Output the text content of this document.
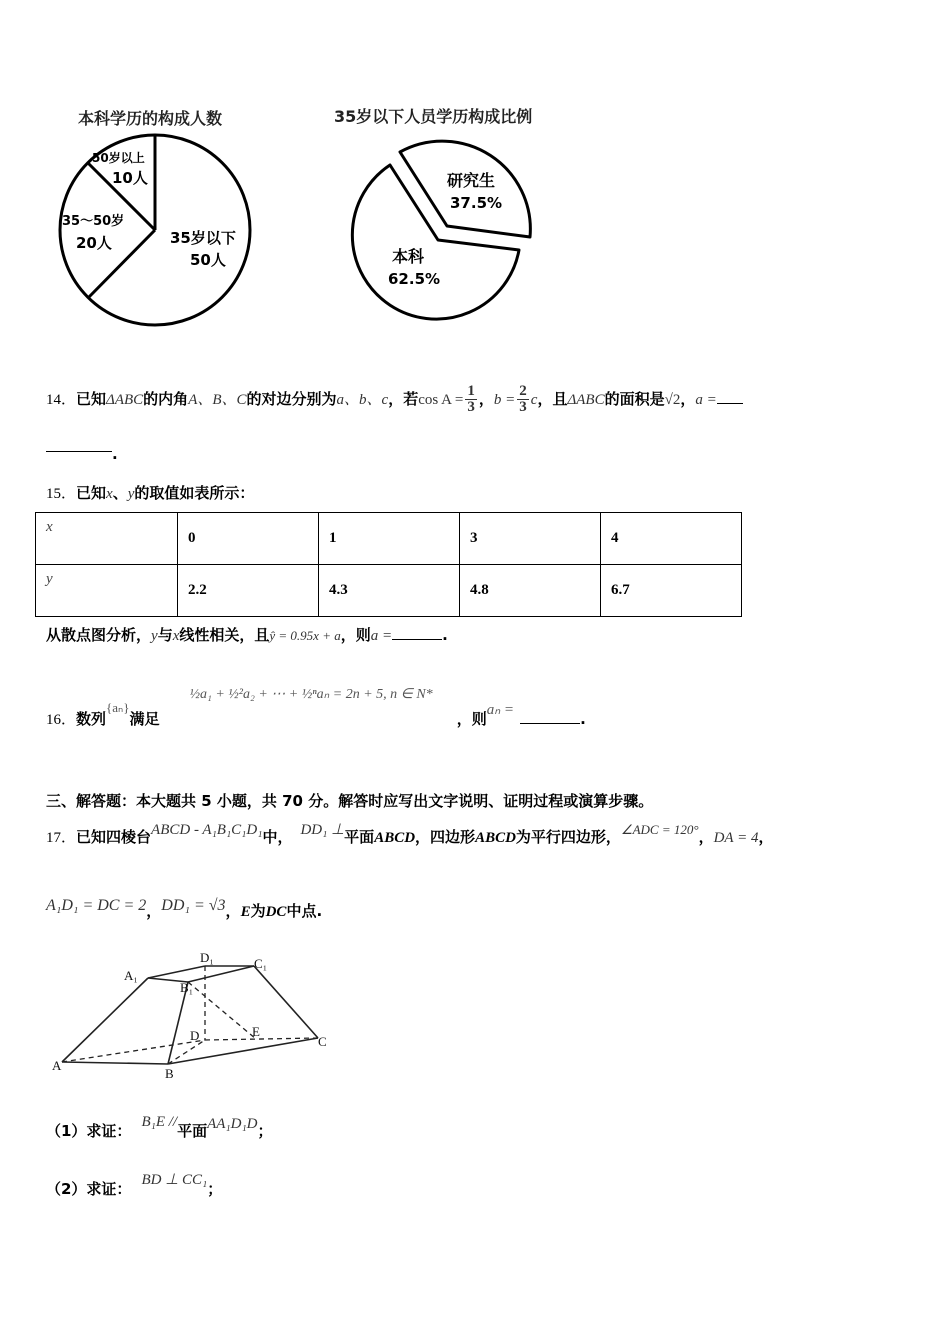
本科学历的构成人数	35岁以下人员学历构成比例
50岁以上
10人
35～50岁
20人	35岁以下
50人
研究生
37.5%
本科
62.5%
14．已知ΔABC的内角A、B、C的对边分别为a、b、c，若$\cos A = \frac{1}{3}$ ，$b = \frac{2}{3}$ c，且ΔABC的面积是√2，a =
.
15．已知x、y的取值如表所示：
x	0	1	3	4
y	2.2	4.3	4.8	6.7
从散点图分析，y与x线性相关，且ŷ = 0.95x + a，则a =	.
16．数列{aₙ}满足½a₁ + ½²a₂ + ⋯ + ½ⁿaₙ = 2n + 5, n ∈ N*，则aₙ =	.
三、解答题：本大题共 5 小题，共 70 分。解答时应写出文字说明、证明过程或演算步骤。
17．已知四棱台ABCD - A₁B₁C₁D₁中， DD₁ ⊥平面ABCD，四边形ABCD为平行四边形，∠ADC = 120°，DA = 4，
A₁D₁ = DC = 2，DD₁ = √3，E为DC中点.
A₁
D₁	C₁
B₁
D	E
C
A
B
（1）求证： B₁E //平面AA₁D₁D；
（2）求证： BD ⊥ CC₁；
